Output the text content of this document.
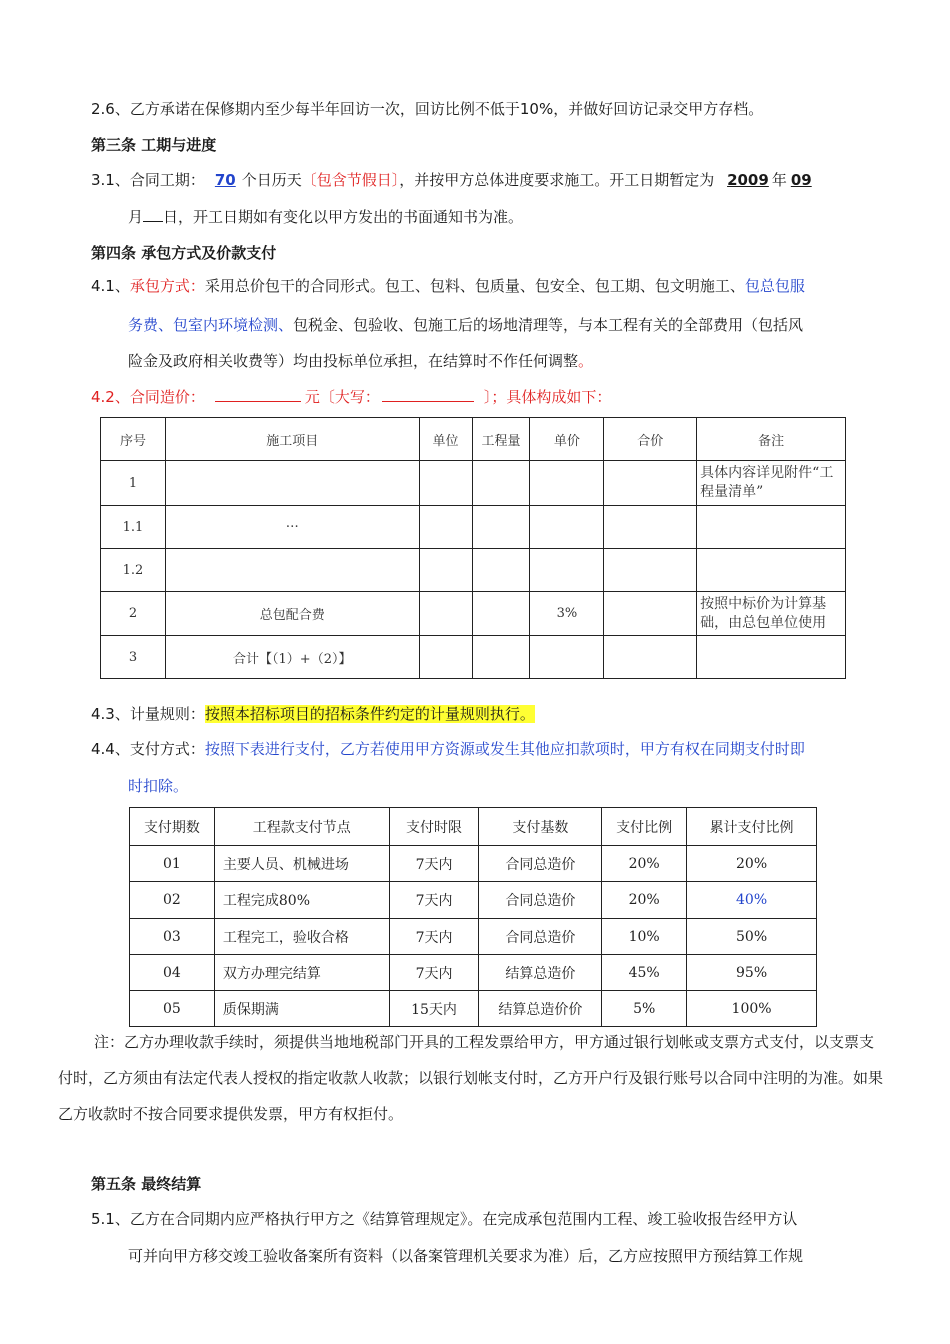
2.6、乙方承诺在保修期内至少每半年回访一次，回访比例不低于10%，并做好回访记录交甲方存档。
第三条 工期与进度
3.1、合同工期： 70 个日历天〔包含节假日〕，并按甲方总体进度要求施工。开工日期暂定为 2009 年 09
月 日，开工日期如有变化以甲方发出的书面通知书为准。
第四条 承包方式及价款支付
4.1、承包方式：采用总价包干的合同形式。包工、包料、包质量、包安全、包工期、包文明施工、包总包服
务费、包室内环境检测、包税金、包验收、包施工后的场地清理等，与本工程有关的全部费用（包括风
险金及政府相关收费等）均由投标单位承担，在结算时不作任何调整。
4.2、合同造价：	元〔大写：	〕；具体构成如下：
序号	施工项目	单位	工程量	单价	合价	备注
1						具体内容详见附件“工程量清单”
1.1	…					
1.2						
2	总包配合费			3%		按照中标价为计算基础，由总包单位使用
3	合计【（1）+（2）】					
4.3、计量规则：按照本招标项目的招标条件约定的计量规则执行。
4.4、支付方式：按照下表进行支付，乙方若使用甲方资源或发生其他应扣款项时，甲方有权在同期支付时即
时扣除。
支付期数	工程款支付节点	支付时限	支付基数	支付比例	累计支付比例
01	主要人员、机械进场	7天内	合同总造价	20%	20%
02	工程完成80%	7天内	合同总造价	20%	40%
03	工程完工，验收合格	7天内	合同总造价	10%	50%
04	双方办理完结算	7天内	结算总造价	45%	95%
05	质保期满	15天内	结算总造价价	5%	100%
注：乙方办理收款手续时，须提供当地地税部门开具的工程发票给甲方，甲方通过银行划帐或支票方式支付，以支票支付时，乙方须由有法定代表人授权的指定收款人收款；以银行划帐支付时，乙方开户行及银行账号以合同中注明的为准。如果乙方收款时不按合同要求提供发票，甲方有权拒付。
第五条 最终结算
5.1、乙方在合同期内应严格执行甲方之《结算管理规定》。在完成承包范围内工程、竣工验收报告经甲方认
可并向甲方移交竣工验收备案所有资料（以备案管理机关要求为准）后，乙方应按照甲方预结算工作规
